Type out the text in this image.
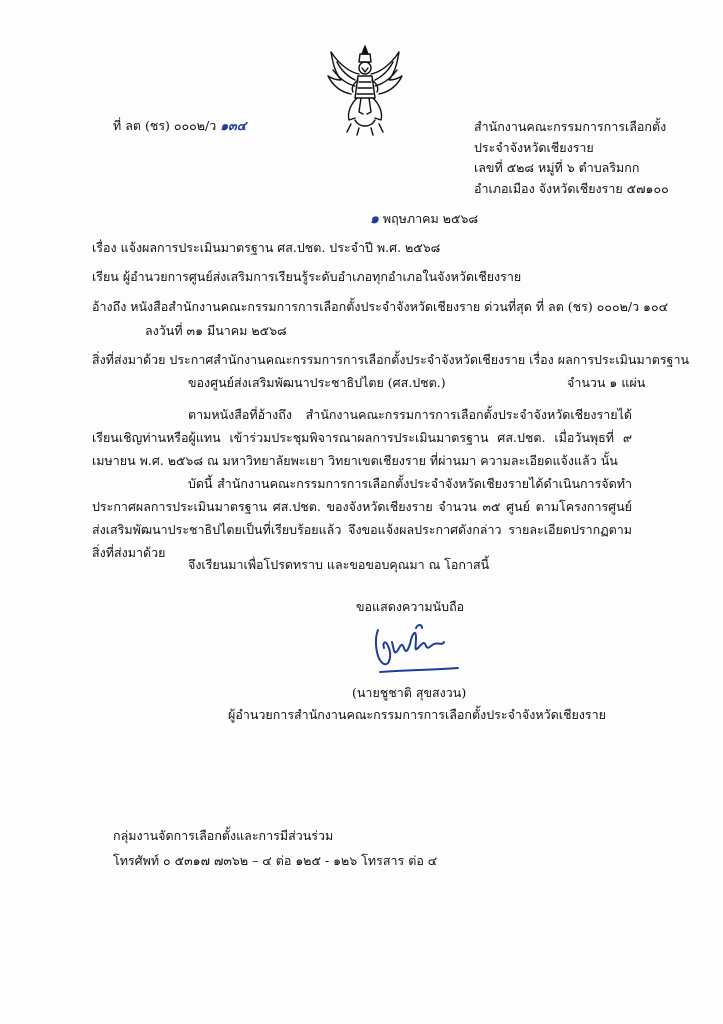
ที่ ลต (ชร) ๐๐๐๒/ว ๑๓๔	สำนักงานคณะกรรมการการเลือกตั้ง
ประจำจังหวัดเชียงราย
เลขที่ ๕๒๘ หมู่ที่ ๖ ตำบลริมกก
อำเภอเมือง จังหวัดเชียงราย ๕๗๑๐๐
๑ พฤษภาคม ๒๕๖๘
เรื่อง แจ้งผลการประเมินมาตรฐาน ศส.ปชต. ประจำปี พ.ศ. ๒๕๖๘
เรียน ผู้อำนวยการศูนย์ส่งเสริมการเรียนรู้ระดับอำเภอทุกอำเภอในจังหวัดเชียงราย
อ้างถึง หนังสือสำนักงานคณะกรรมการการเลือกตั้งประจำจังหวัดเชียงราย ด่วนที่สุด ที่ ลต (ชร) ๐๐๐๒/ว ๑๐๔
ลงวันที่ ๓๑ มีนาคม ๒๕๖๘
สิ่งที่ส่งมาด้วย ประกาศสำนักงานคณะกรรมการการเลือกตั้งประจำจังหวัดเชียงราย เรื่อง ผลการประเมินมาตรฐาน
ของศูนย์ส่งเสริมพัฒนาประชาธิปไตย (ศส.ปชต.)	จำนวน ๑ แผ่น
ตามหนังสือที่อ้างถึง สำนักงานคณะกรรมการการเลือกตั้งประจำจังหวัดเชียงรายได้เรียนเชิญท่านหรือผู้แทน เข้าร่วมประชุมพิจารณาผลการประเมินมาตรฐาน ศส.ปชต. เมื่อวันพุธที่ ๙ เมษายน พ.ศ. ๒๕๖๘ ณ มหาวิทยาลัยพะเยา วิทยาเขตเชียงราย ที่ผ่านมา ความละเอียดแจ้งแล้ว นั้น
บัดนี้ สำนักงานคณะกรรมการการเลือกตั้งประจำจังหวัดเชียงรายได้ดำเนินการจัดทำประกาศผลการประเมินมาตรฐาน ศส.ปชต. ของจังหวัดเชียงราย จำนวน ๓๕ ศูนย์ ตามโครงการศูนย์ส่งเสริมพัฒนาประชาธิปไตยเป็นที่เรียบร้อยแล้ว จึงขอแจ้งผลประกาศดังกล่าว รายละเอียดปรากฏตามสิ่งที่ส่งมาด้วย
จึงเรียนมาเพื่อโปรดทราบ และขอขอบคุณมา ณ โอกาสนี้
ขอแสดงความนับถือ
(นายชูชาติ สุขสงวน)
ผู้อำนวยการสำนักงานคณะกรรมการการเลือกตั้งประจำจังหวัดเชียงราย
กลุ่มงานจัดการเลือกตั้งและการมีส่วนร่วม
โทรศัพท์ ๐ ๕๓๑๗ ๗๓๖๒ – ๔ ต่อ ๑๒๕ - ๑๒๖ โทรสาร ต่อ ๔
